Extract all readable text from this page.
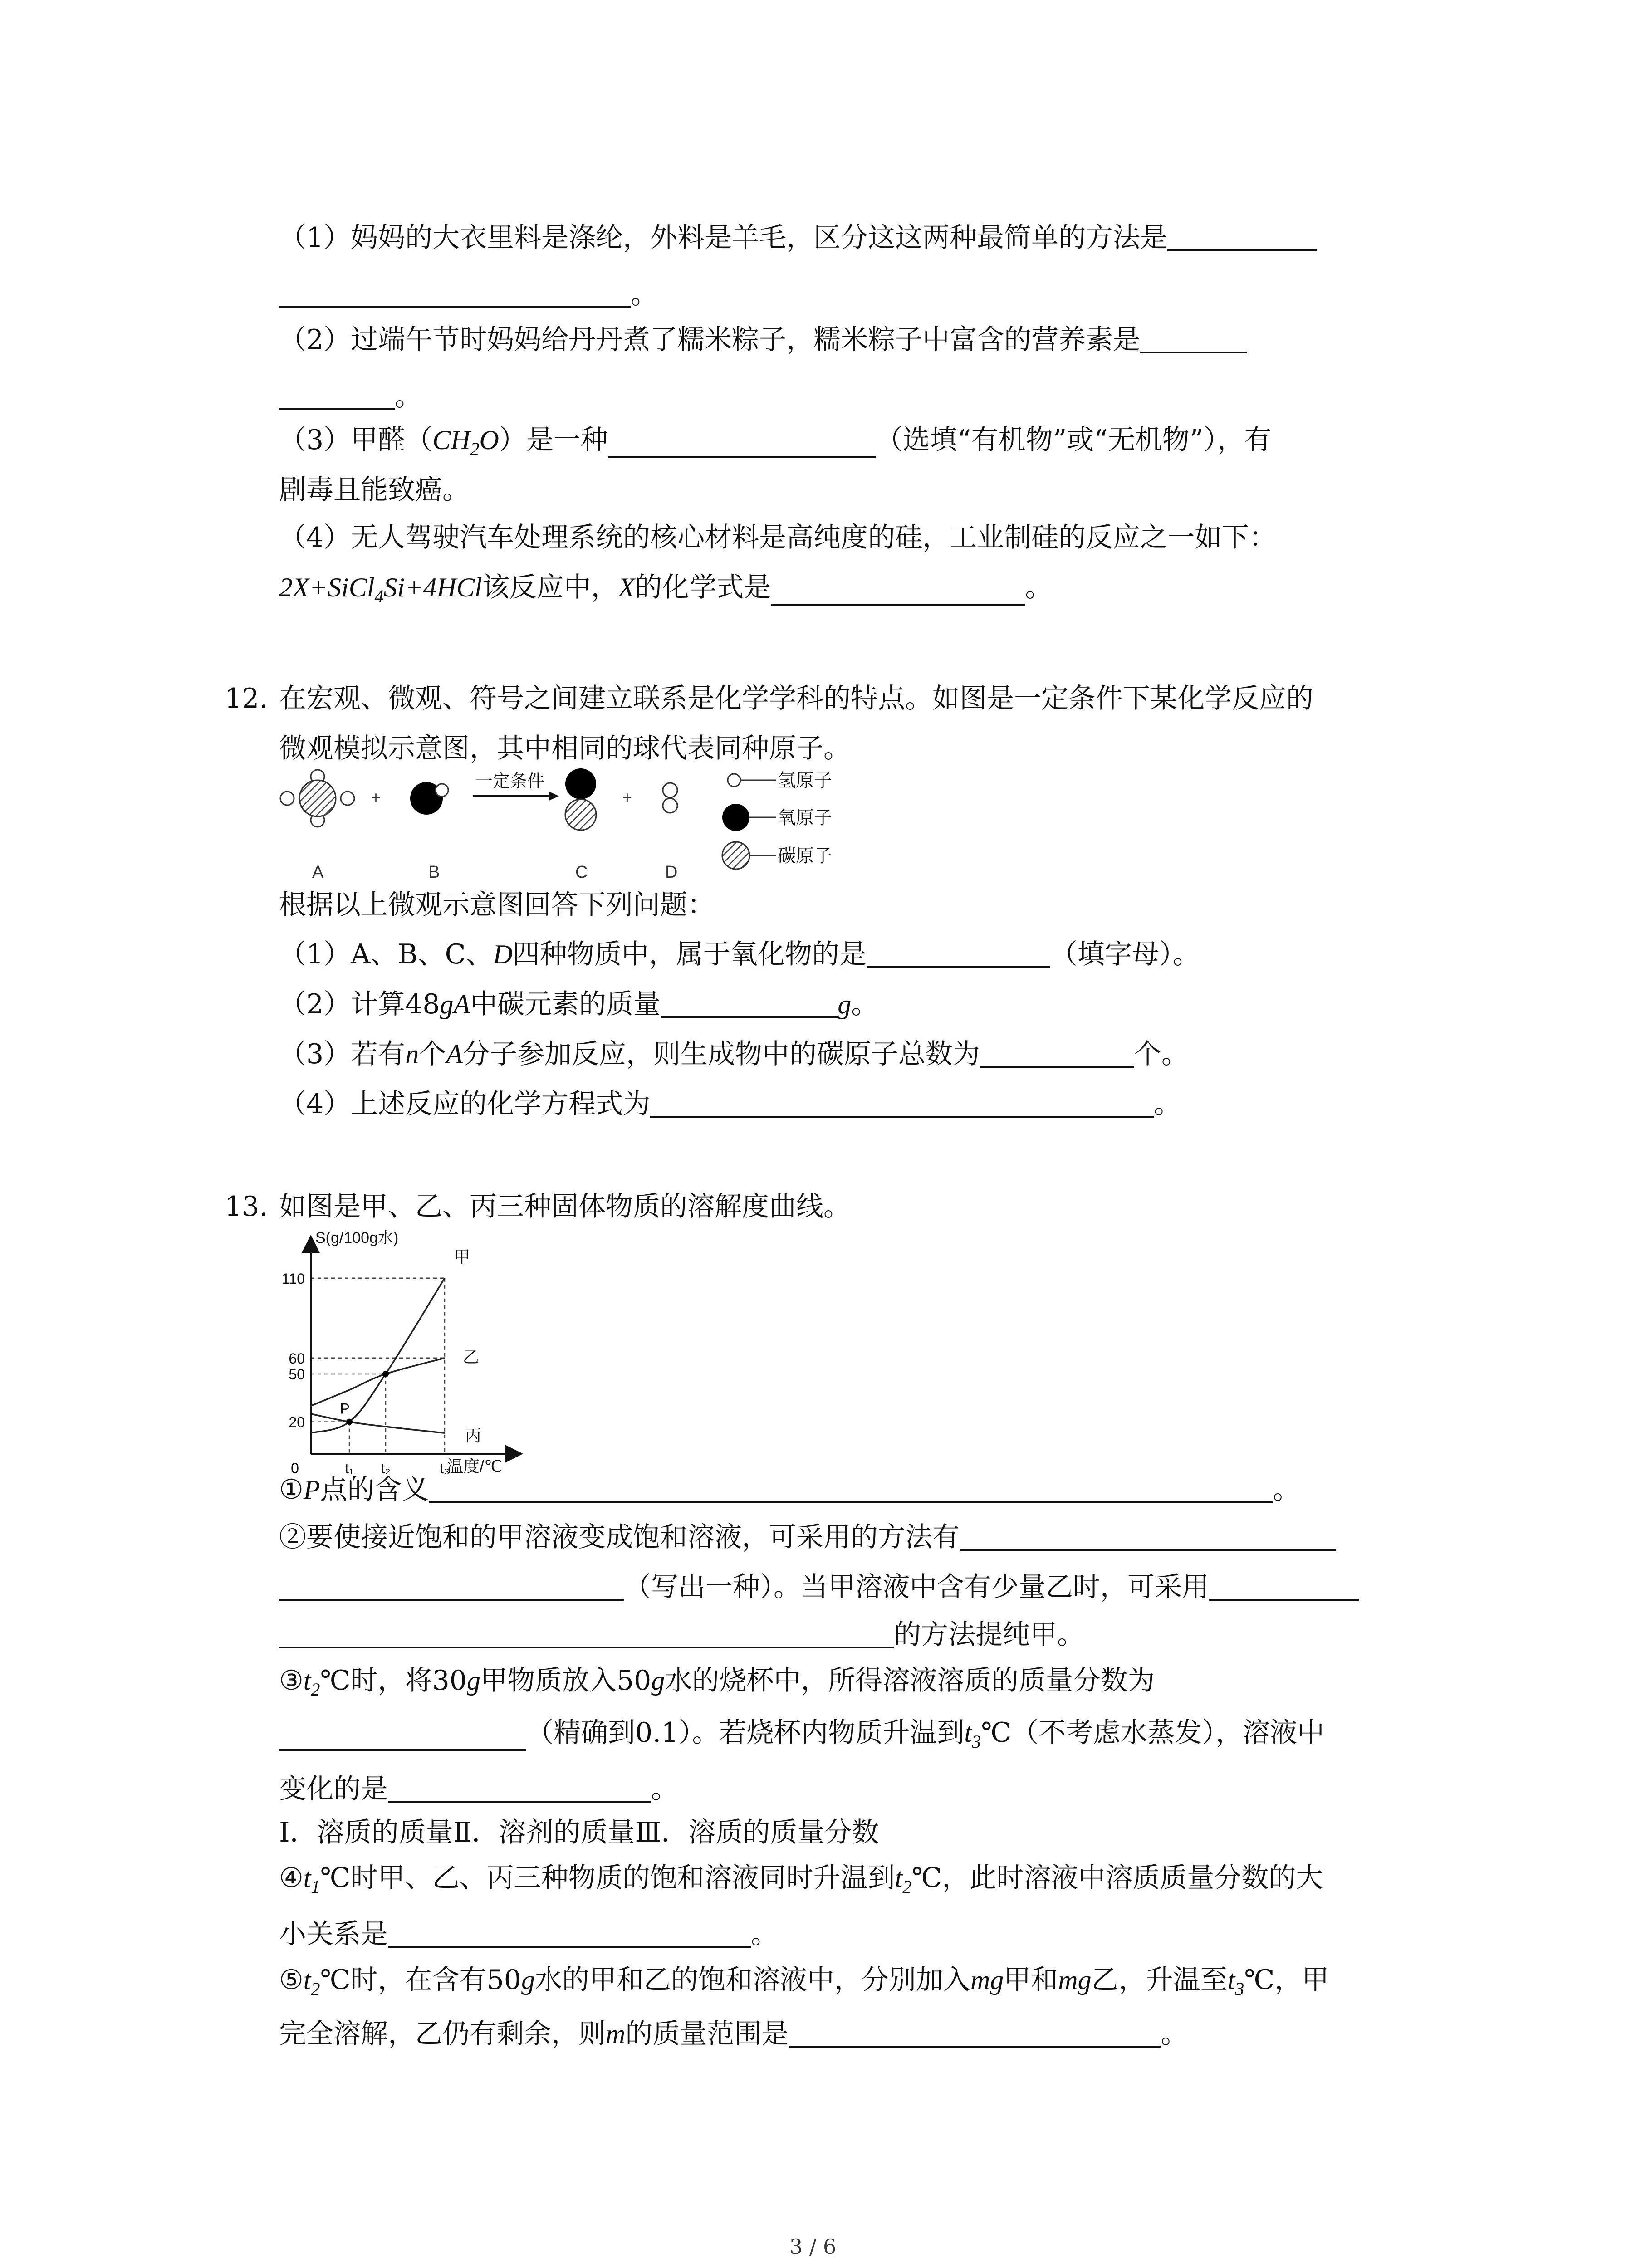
（1）妈妈的大衣里料是涤纶，外料是羊毛，区分这这两种最简单的方法是
。
（2）过端午节时妈妈给丹丹煮了糯米粽子，糯米粽子中富含的营养素是
。
（3）甲醛$(CH_2O)$是一种	（选填“有机物”或“无机物”），有
剧毒且能致癌。
（4）无人驾驶汽车处理系统的核心材料是高纯度的硅，工业制硅的反应之一如下：
2X+SiCl$_4$Si+4HCl该反应中，X的化学式是	。
12. 在宏观、微观、符号之间建立联系是化学学科的特点。如图是一定条件下某化学反应的
微观模拟示意图，其中相同的球代表同种原子。
+
一定条件
+
A	B	C	D
氢原子
氧原子
碳原子
根据以上微观示意图回答下列问题：
（1）A、B、C、D四种物质中，属于氧化物的是	（填字母）。
（2）计算48gA中碳元素的质量	g。
（3）若有n个A分子参加反应，则生成物中的碳原子总数为	个。
（4）上述反应的化学方程式为	。
13. 如图是甲、乙、丙三种固体物质的溶解度曲线。
S(g/100g水)
温度/℃
110
60
50
20
0	t₁ t₂	t₃
甲
乙
丙
P
①P点的含义	。
②要使接近饱和的甲溶液变成饱和溶液，可采用的方法有
（写出一种）。当甲溶液中含有少量乙时，可采用
的方法提纯甲。
$③t_2℃$时，将30g甲物质放入50g水的烧杯中，所得溶液溶质的质量分数为
（精确到0.1）。若烧杯内物质升温到$t_3℃$（不考虑水蒸发），溶液中
变化的是	。
Ⅰ．溶质的质量Ⅱ．溶剂的质量Ⅲ．溶质的质量分数
$④t_1℃$时甲、乙、丙三种物质的饱和溶液同时升温到$t_2℃$，此时溶液中溶质质量分数的大
小关系是	。
$⑤t_2℃$时，在含有50g水的甲和乙的饱和溶液中，分别加入mg甲和mg乙，升温至$t_3℃$，甲
完全溶解，乙仍有剩余，则m的质量范围是	。
3 / 6
